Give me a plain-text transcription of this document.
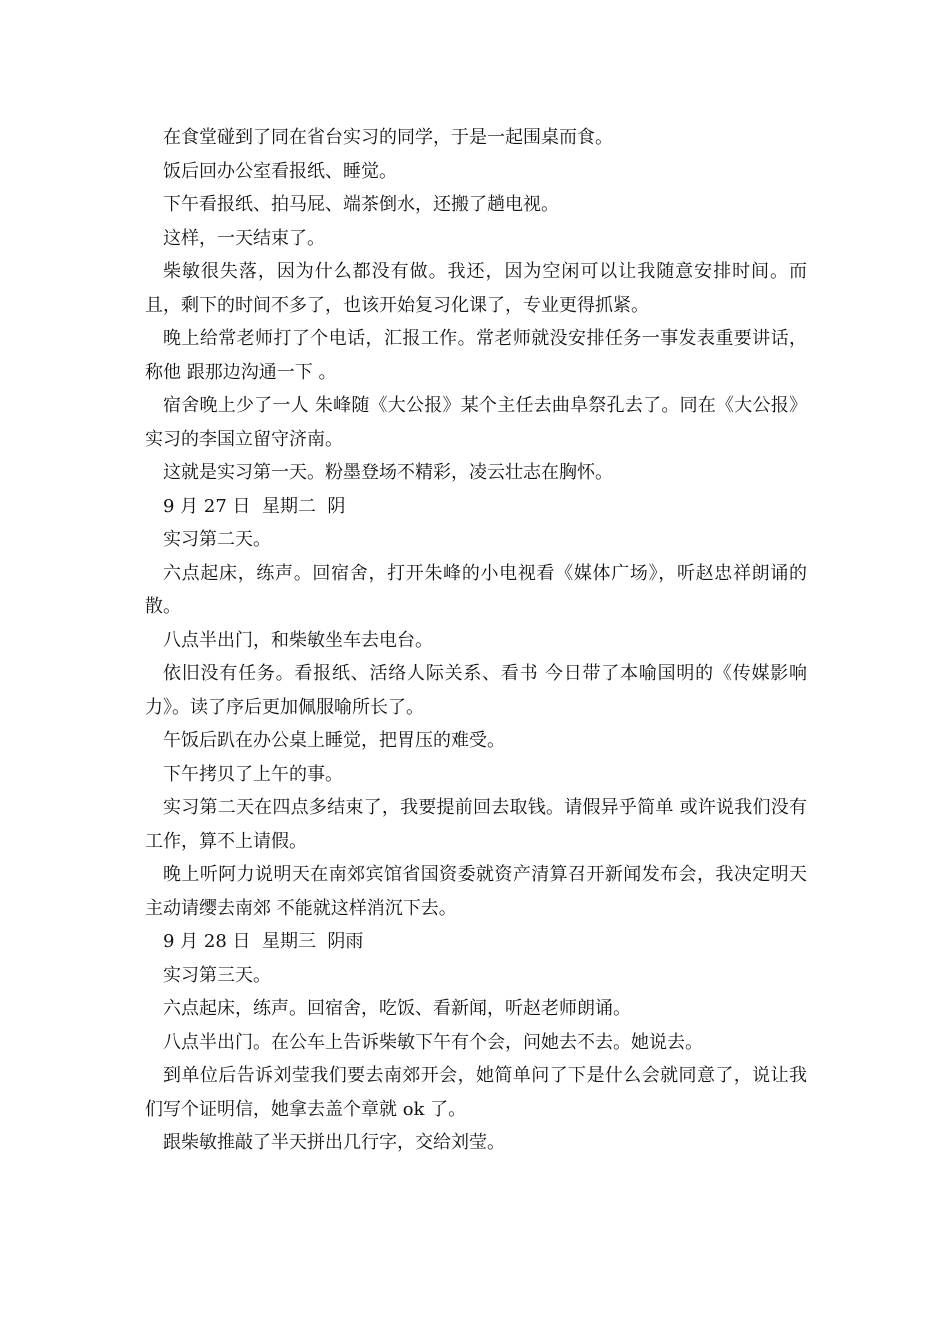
在食堂碰到了同在省台实习的同学，于是一起围桌而食。

饭后回办公室看报纸、睡觉。

下午看报纸、拍马屁、端茶倒水，还搬了趟电视。

这样，一天结束了。

柴敏很失落，因为什么都没有做。我还，因为空闲可以让我随意安排时间。而且，剩下的时间不多了，也该开始复习化课了，专业更得抓紧。

晚上给常老师打了个电话，汇报工作。常老师就没安排任务一事发表重要讲话，称他 跟那边沟通一下 。

宿舍晚上少了一人 朱峰随《大公报》某个主任去曲阜祭孔去了。同在《大公报》实习的李国立留守济南。

这就是实习第一天。粉墨登场不精彩，凌云壮志在胸怀。

9 月 27 日  星期二  阴

实习第二天。

六点起床，练声。回宿舍，打开朱峰的小电视看《媒体广场》，听赵忠祥朗诵的散。

八点半出门，和柴敏坐车去电台。

依旧没有任务。看报纸、活络人际关系、看书 今日带了本喻国明的《传媒影响力》。读了序后更加佩服喻所长了。

午饭后趴在办公桌上睡觉，把胃压的难受。

下午拷贝了上午的事。

实习第二天在四点多结束了，我要提前回去取钱。请假异乎简单 或许说我们没有工作，算不上请假。

晚上听阿力说明天在南郊宾馆省国资委就资产清算召开新闻发布会，我决定明天主动请缨去南郊 不能就这样消沉下去。

9 月 28 日  星期三  阴雨

实习第三天。

六点起床，练声。回宿舍，吃饭、看新闻，听赵老师朗诵。

八点半出门。在公车上告诉柴敏下午有个会，问她去不去。她说去。

到单位后告诉刘莹我们要去南郊开会，她简单问了下是什么会就同意了，说让我们写个证明信，她拿去盖个章就 ok 了。

跟柴敏推敲了半天拼出几行字，交给刘莹。
